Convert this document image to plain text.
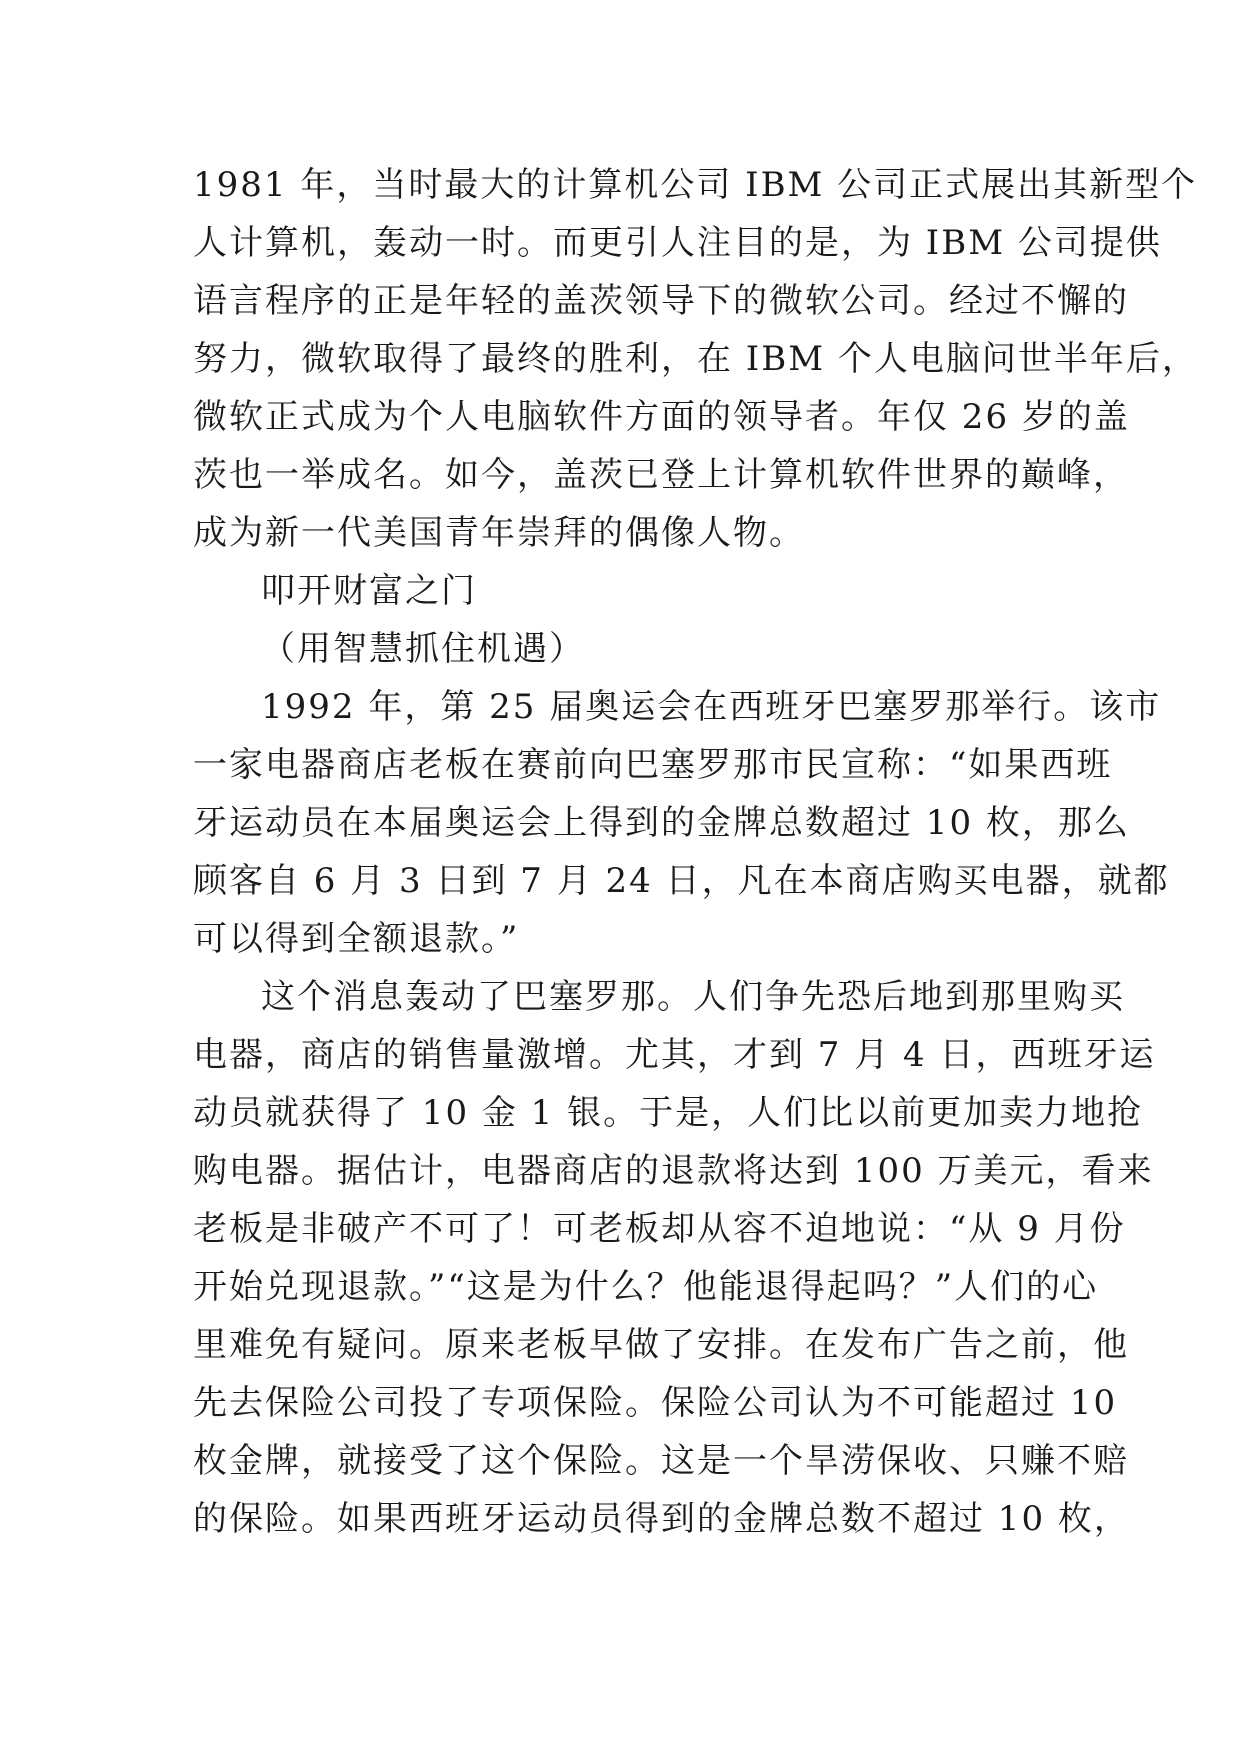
1981 年，当时最大的计算机公司 IBM 公司正式展出其新型个
人计算机，轰动一时。而更引人注目的是，为 IBM 公司提供
语言程序的正是年轻的盖茨领导下的微软公司。经过不懈的
努力，微软取得了最终的胜利，在 IBM 个人电脑问世半年后，
微软正式成为个人电脑软件方面的领导者。年仅 26 岁的盖
茨也一举成名。如今，盖茨已登上计算机软件世界的巅峰，
成为新一代美国青年崇拜的偶像人物。
叩开财富之门
（用智慧抓住机遇）
1992 年，第 25 届奥运会在西班牙巴塞罗那举行。该市
一家电器商店老板在赛前向巴塞罗那市民宣称：“如果西班
牙运动员在本届奥运会上得到的金牌总数超过 10 枚，那么
顾客自 6 月 3 日到 7 月 24 日，凡在本商店购买电器，就都
可以得到全额退款。”
这个消息轰动了巴塞罗那。人们争先恐后地到那里购买
电器，商店的销售量激增。尤其，才到 7 月 4 日，西班牙运
动员就获得了 10 金 1 银。于是，人们比以前更加卖力地抢
购电器。据估计，电器商店的退款将达到 100 万美元，看来
老板是非破产不可了！可老板却从容不迫地说：“从 9 月份
开始兑现退款。”“这是为什么？他能退得起吗？”人们的心
里难免有疑问。原来老板早做了安排。在发布广告之前，他
先去保险公司投了专项保险。保险公司认为不可能超过 10
枚金牌，就接受了这个保险。这是一个旱涝保收、只赚不赔
的保险。如果西班牙运动员得到的金牌总数不超过 10 枚，
